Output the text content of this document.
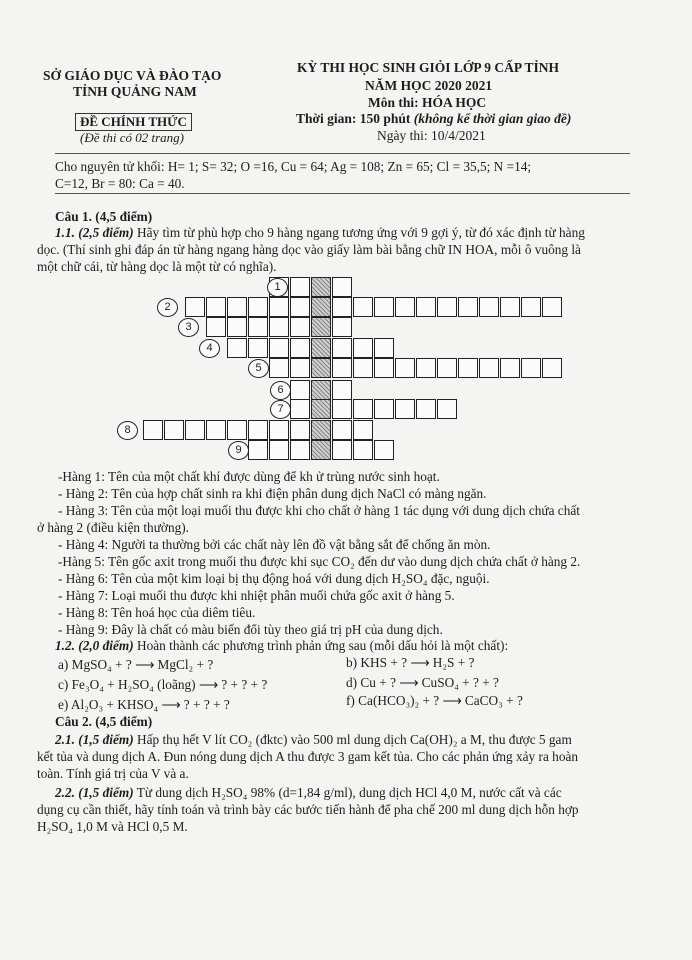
SỞ GIÁO DỤC VÀ ĐÀO TẠO
TỈNH QUẢNG NAM
ĐỀ CHÍNH THỨC
(Đề thi có 02 trang)
KỲ THI HỌC SINH GIỎI LỚP 9 CẤP TỈNH
NĂM HỌC 2020 2021
Môn thi: HÓA HỌC
Thời gian: 150 phút (không kể thời gian giao đề)
Ngày thi: 10/4/2021
Cho nguyên tử khối: H= 1; S= 32; O =16, Cu = 64; Ag = 108; Zn = 65; Cl = 35,5; N =14;
C=12, Br = 80: Ca = 40.
Câu 1. (4,5 điểm)
1.1. (2,5 điểm) Hãy tìm từ phù hợp cho 9 hàng ngang tương ứng với 9 gợi ý, từ đó xác định từ hàng
dọc. (Thí sinh ghi đáp án từ hàng ngang hàng dọc vào giấy làm bài bằng chữ IN HOA, mỗi ô vuông là
một chữ cái, từ hàng dọc là một từ có nghĩa).
1
2
3
4
5
6
7
8
9
-Hàng 1: Tên của một chất khí được dùng để kh ử trùng nước sinh hoạt.
- Hàng 2: Tên của hợp chất sinh ra khi điện phân dung dịch NaCl có màng ngăn.
- Hàng 3: Tên của một loại muối thu được khi cho chất ở hàng 1 tác dụng với dung dịch chứa chất
ở hàng 2 (điều kiện thường).
- Hàng 4: Người ta thường bởi các chất này lên đồ vật bằng sắt để chống ăn mòn.
-Hàng 5: Tên gốc axit trong muối thu được khi sục CO₂ đến dư vào dung dịch chứa chất ở hàng 2.
- Hàng 6: Tên của một kim loại bị thụ động hoá với dung dịch H₂SO₄ đặc, nguội.
- Hàng 7: Loại muối thu được khi nhiệt phân muối chứa gốc axit ở hàng 5.
- Hàng 8: Tên hoá học của diêm tiêu.
- Hàng 9: Đây là chất có màu biến đổi tùy theo giá trị pH của dung dịch.
1.2. (2,0 điểm) Hoàn thành các phương trình phản ứng sau (mỗi dấu hỏi là một chất):
a) MgSO₄ + ? ⟶ MgCl₂ + ?	b) KHS + ? ⟶ H₂S + ?
c) Fe₃O₄ + H₂SO₄ (loãng) ⟶ ? + ? + ?	d) Cu + ? ⟶ CuSO₄ + ? + ?
e) Al₂O₃ + KHSO₄ ⟶ ? + ? + ?	f) Ca(HCO₃)₂ + ? ⟶ CaCO₃ + ?
Câu 2. (4,5 điểm)
2.1. (1,5 điểm) Hấp thụ hết V lít CO₂ (đktc) vào 500 ml dung dịch Ca(OH)₂ a M, thu được 5 gam
kết tủa và dung dịch A. Đun nóng dung dịch A thu được 3 gam kết tủa. Cho các phản ứng xảy ra hoàn
toàn. Tính giá trị của V và a.
2.2. (1,5 điểm) Từ dung dịch H₂SO₄ 98% (d=1,84 g/ml), dung dịch HCl 4,0 M, nước cất và các
dụng cụ cần thiết, hãy tính toán và trình bày các bước tiến hành để pha chế 200 ml dung dịch hỗn hợp
H₂SO₄ 1,0 M và HCl 0,5 M.
